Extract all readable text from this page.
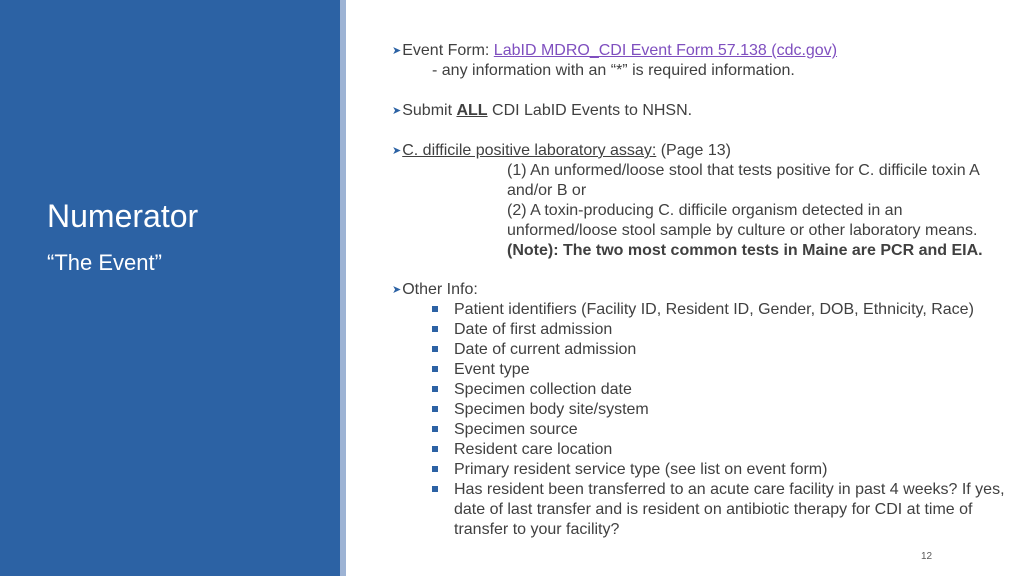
Numerator
“The Event”
➤Event Form: LabID MDRO_CDI Event Form 57.138 (cdc.gov)
- any information with an “*” is required information.
➤Submit ALL CDI LabID Events to NHSN.
➤C. difficile positive laboratory assay: (Page 13)
(1) An unformed/loose stool that tests positive for C. difficile toxin A
and/or B or
(2) A toxin-producing C. difficile organism detected in an
unformed/loose stool sample by culture or other laboratory means.
(Note): The two most common tests in Maine are PCR and EIA.
➤Other Info:
Patient identifiers (Facility ID, Resident ID, Gender, DOB, Ethnicity, Race)
Date of first admission
Date of current admission
Event type
Specimen collection date
Specimen body site/system
Specimen source
Resident care location
Primary resident service type (see list on event form)
Has resident been transferred to an acute care facility in past 4 weeks? If yes,
date of last transfer and is resident on antibiotic therapy for CDI at time of
transfer to your facility?
12
